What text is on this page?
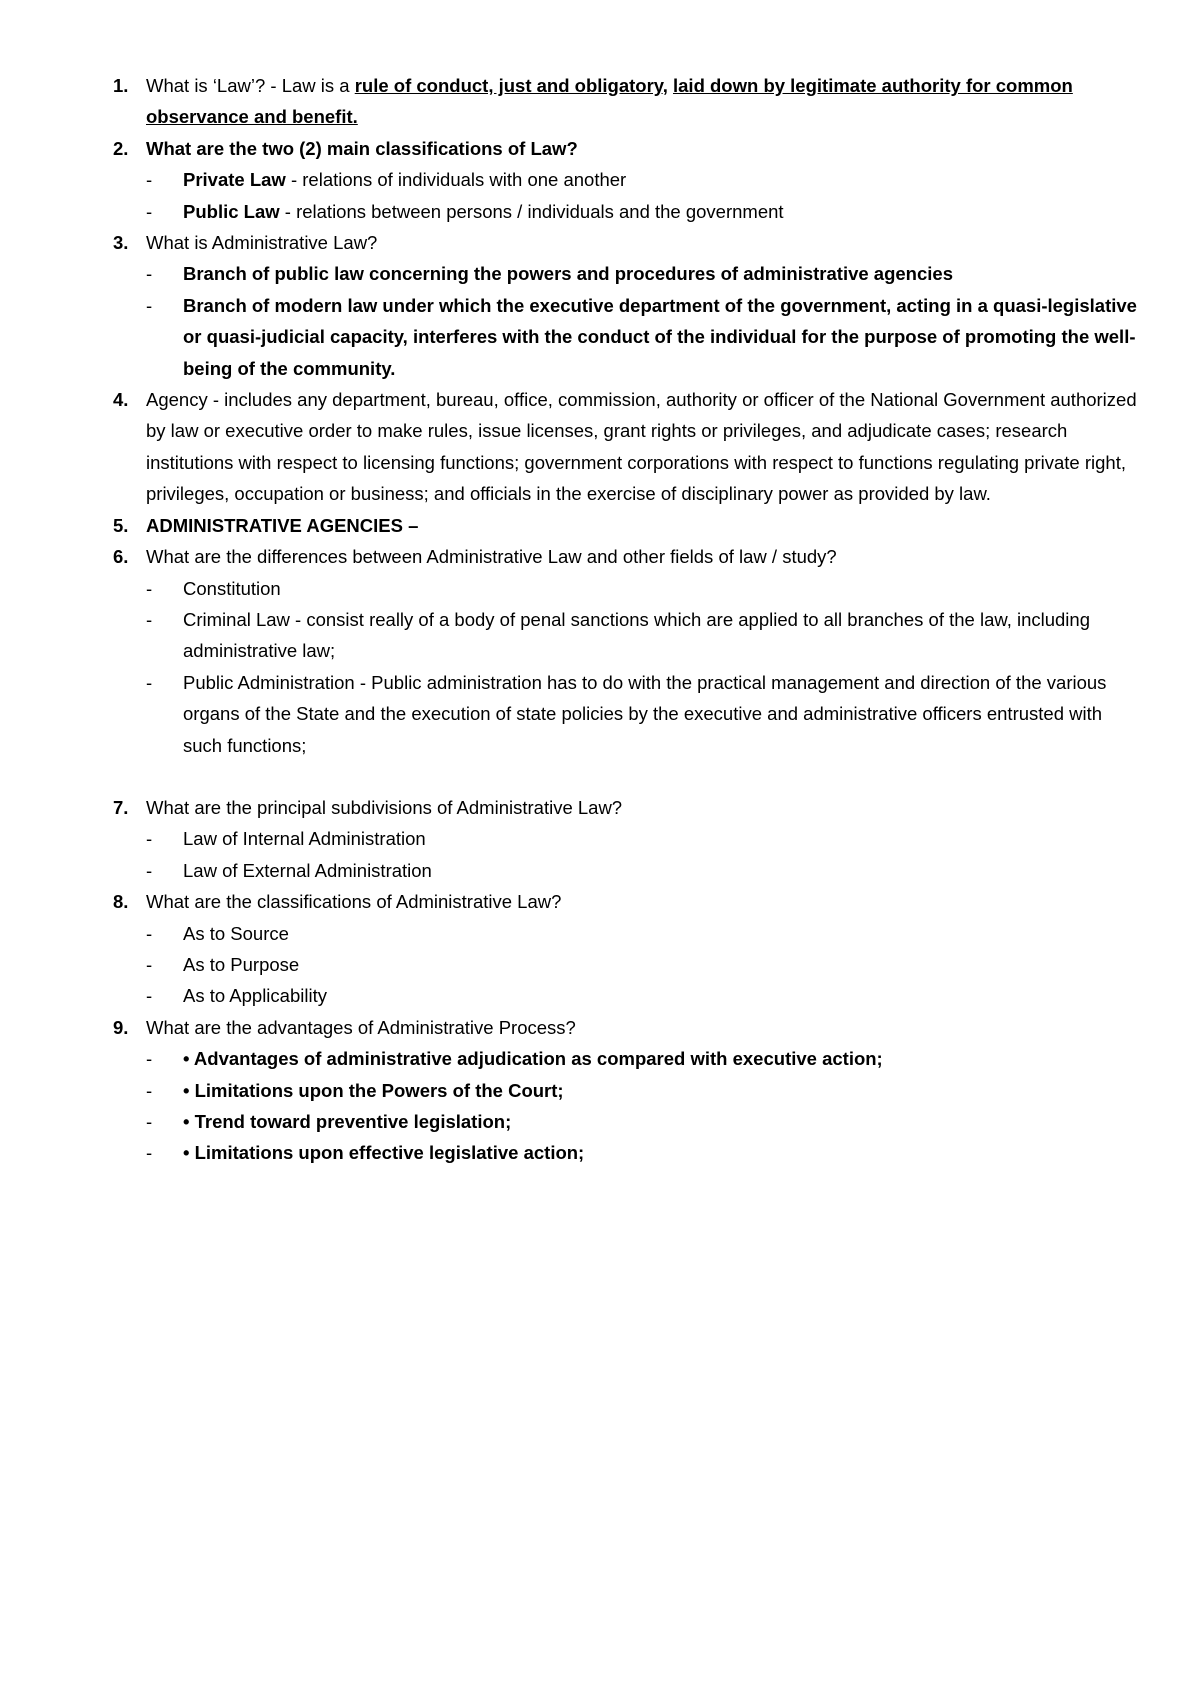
1. What is ‘Law’? - Law is a rule of conduct, just and obligatory, laid down by legitimate authority for common observance and benefit.
2. What are the two (2) main classifications of Law?
- Private Law - relations of individuals with one another
- Public Law - relations between persons / individuals and the government
3. What is Administrative Law?
- Branch of public law concerning the powers and procedures of administrative agencies
- Branch of modern law under which the executive department of the government, acting in a quasi-legislative or quasi-judicial capacity, interferes with the conduct of the individual for the purpose of promoting the well-being of the community.
4. Agency - includes any department, bureau, office, commission, authority or officer of the National Government authorized by law or executive order to make rules, issue licenses, grant rights or privileges, and adjudicate cases; research institutions with respect to licensing functions; government corporations with respect to functions regulating private right, privileges, occupation or business; and officials in the exercise of disciplinary power as provided by law.
5. ADMINISTRATIVE AGENCIES –
6. What are the differences between Administrative Law and other fields of law / study?
- Constitution
- Criminal Law - consist really of a body of penal sanctions which are applied to all branches of the law, including administrative law;
- Public Administration - Public administration has to do with the practical management and direction of the various organs of the State and the execution of state policies by the executive and administrative officers entrusted with such functions;
7. What are the principal subdivisions of Administrative Law?
- Law of Internal Administration
- Law of External Administration
8. What are the classifications of Administrative Law?
- As to Source
- As to Purpose
- As to Applicability
9. What are the advantages of Administrative Process?
- • Advantages of administrative adjudication as compared with executive action;
- • Limitations upon the Powers of the Court;
- • Trend toward preventive legislation;
- • Limitations upon effective legislative action;
